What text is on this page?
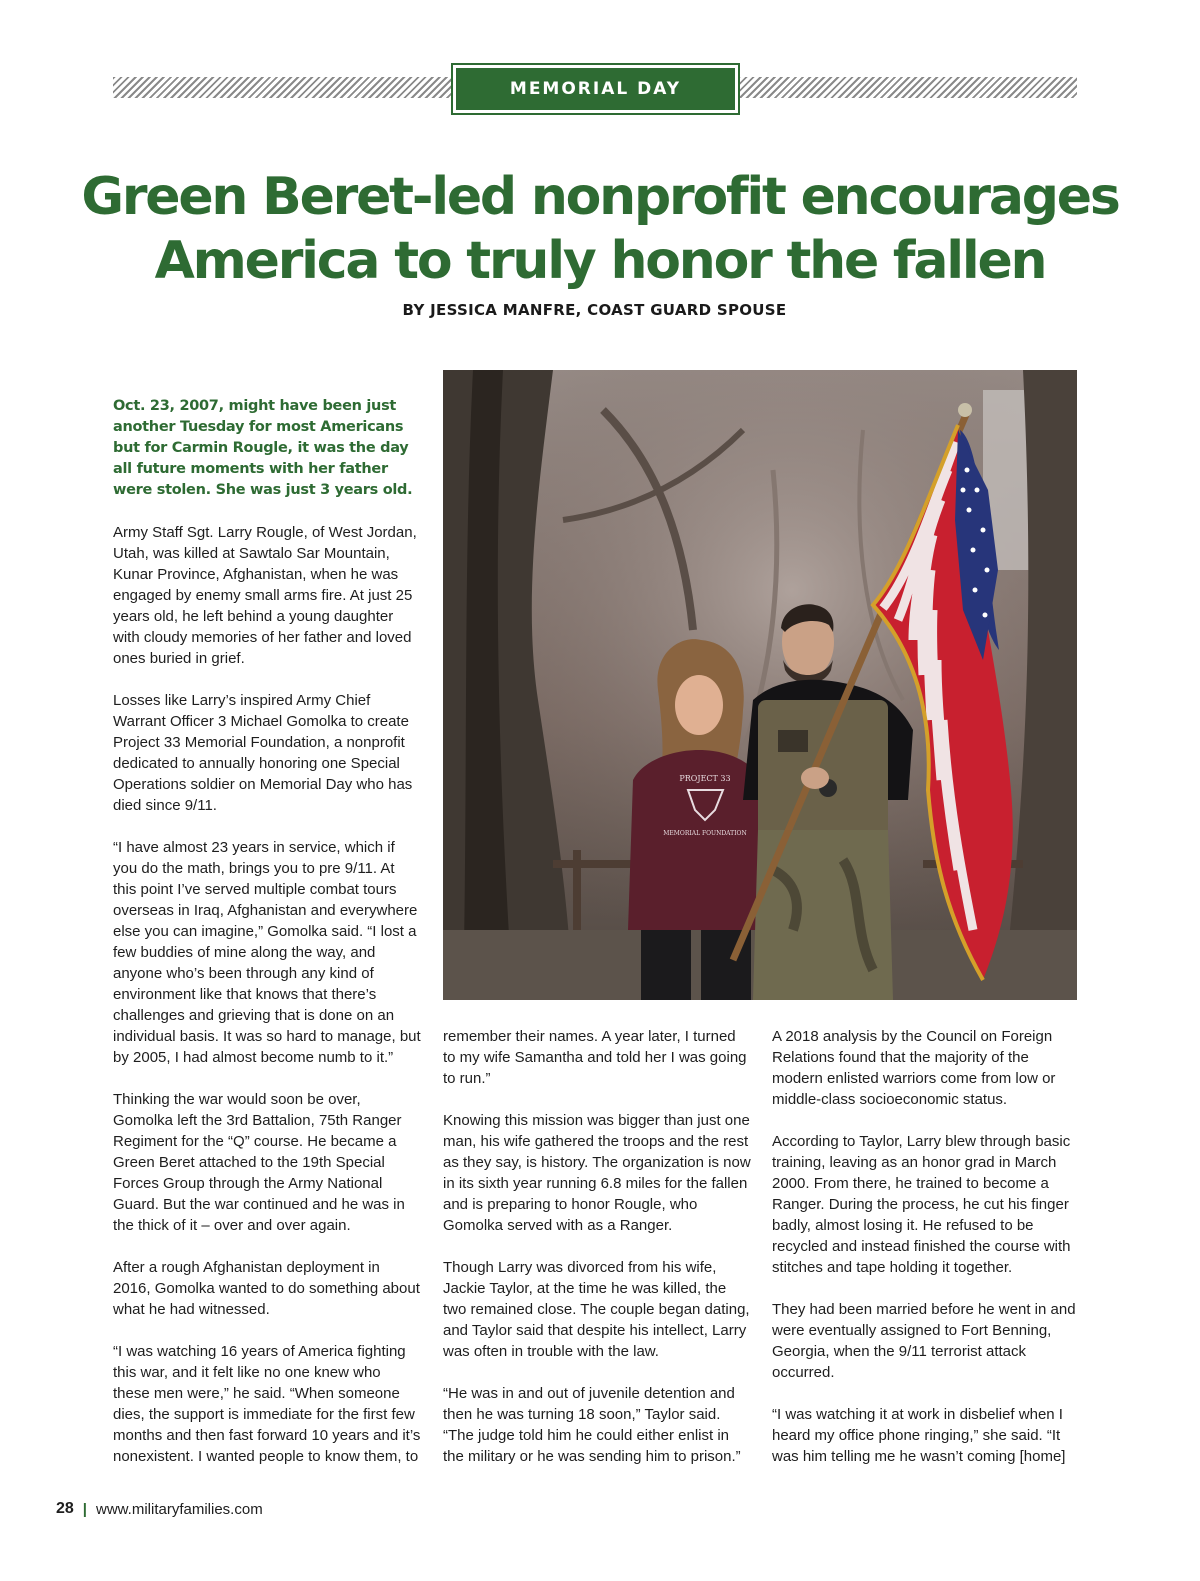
MEMORIAL DAY
Green Beret-led nonprofit encourages
America to truly honor the fallen
BY JESSICA MANFRE, COAST GUARD SPOUSE
PROJECT 33
MEMORIAL FOUNDATION

Oct. 23, 2007, might have been just another Tuesday for most Americans but for Carmin Rougle, it was the day all future moments with her father were stolen. She was just 3 years old.

Army Staff Sgt. Larry Rougle, of West Jordan, Utah, was killed at Sawtalo Sar Mountain, Kunar Province, Afghanistan, when he was engaged by enemy small arms fire. At just 25 years old, he left behind a young daughter with cloudy memories of her father and loved ones buried in grief.

Losses like Larry’s inspired Army Chief Warrant Officer 3 Michael Gomolka to create Project 33 Memorial Foundation, a nonprofit dedicated to annually honoring one Special Operations soldier on Memorial Day who has died since 9/11.

“I have almost 23 years in service, which if you do the math, brings you to pre 9/11. At this point I’ve served multiple combat tours overseas in Iraq, Afghanistan and everywhere else you can imagine,” Gomolka said. “I lost a few buddies of mine along the way, and anyone who’s been through any kind of environment like that knows that there’s challenges and grieving that is done on an individual basis. It was so hard to manage, but by 2005, I had almost become numb to it.”

Thinking the war would soon be over, Gomolka left the 3rd Battalion, 75th Ranger Regiment for the “Q” course. He became a Green Beret attached to the 19th Special Forces Group through the Army National Guard. But the war continued and he was in the thick of it – over and over again.

After a rough Afghanistan deployment in 2016, Gomolka wanted to do something about what he had witnessed.

“I was watching 16 years of America fighting this war, and it felt like no one knew who these men were,” he said. “When someone dies, the support is immediate for the first few months and then fast forward 10 years and it’s nonexistent. I wanted people to know them, to

remember their names. A year later, I turned to my wife Samantha and told her I was going to run.”

Knowing this mission was bigger than just one man, his wife gathered the troops and the rest as they say, is history. The organization is now in its sixth year running 6.8 miles for the fallen and is preparing to honor Rougle, who Gomolka served with as a Ranger.

Though Larry was divorced from his wife, Jackie Taylor, at the time he was killed, the two remained close. The couple began dating, and Taylor said that despite his intellect, Larry was often in trouble with the law.

“He was in and out of juvenile detention and then he was turning 18 soon,” Taylor said. “The judge told him he could either enlist in the military or he was sending him to prison.”

A 2018 analysis by the Council on Foreign Relations found that the majority of the modern enlisted warriors come from low or middle-class socioeconomic status.

According to Taylor, Larry blew through basic training, leaving as an honor grad in March 2000. From there, he trained to become a Ranger. During the process, he cut his finger badly, almost losing it. He refused to be recycled and instead finished the course with stitches and tape holding it together.

They had been married before he went in and were eventually assigned to Fort Benning, Georgia, when the 9/11 terrorist attack occurred.

“I was watching it at work in disbelief when I heard my office phone ringing,” she said. “It was him telling me he wasn’t coming [home]

28 | www.militaryfamilies.com
